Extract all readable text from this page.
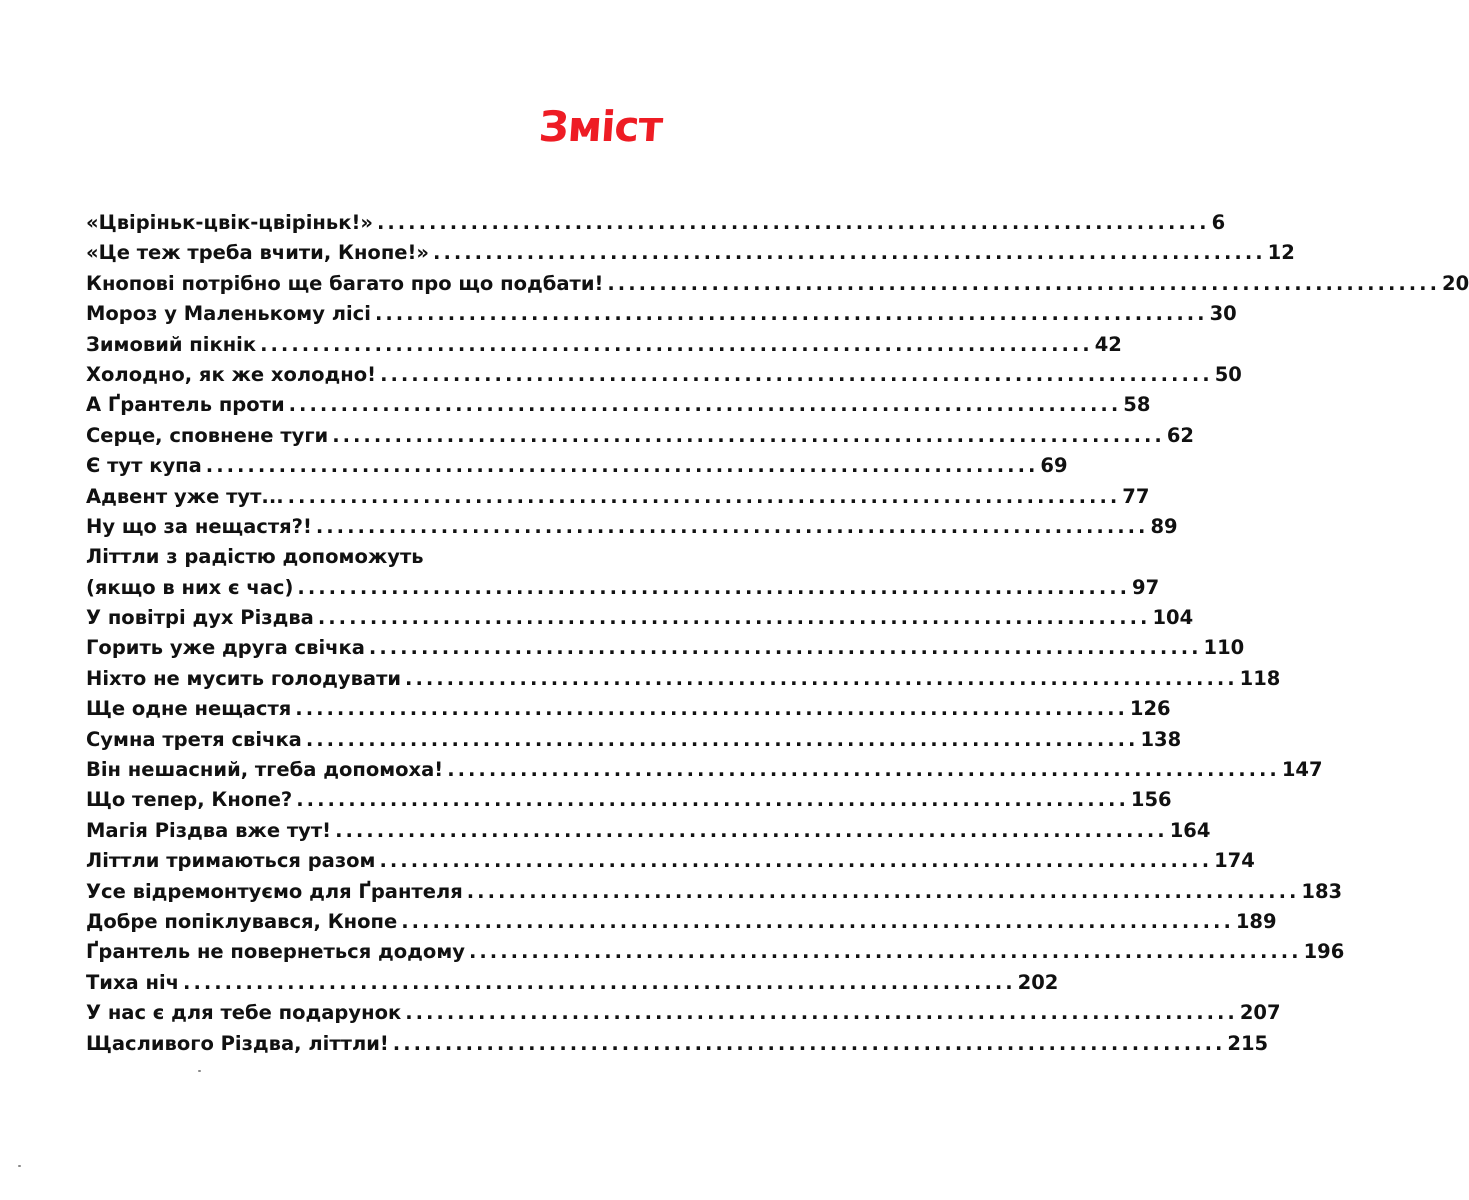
Зміст
«Цвірiньк-цвiк-цвiрiньк!» ................................................................................ 6
«Це теж треба вчити, Кнопе!» ................................................................................ 12
Кнопові потрібно ще багато про що подбати! ................................................................................ 20
Мороз у Маленькому лісі ................................................................................ 30
Зимовий пікнік ................................................................................ 42
Холодно, як же холодно! ................................................................................ 50
А Ґрантель проти ................................................................................ 58
Серце, сповнене туги ................................................................................ 62
Є тут купа ................................................................................ 69
Адвент уже тут... ................................................................................ 77
Ну що за нещастя?! ................................................................................ 89
Літтли з радістю допоможуть
(якщо в них є час) ................................................................................ 97
У повітрі дух Різдва ................................................................................ 104
Горить уже друга свічка ................................................................................ 110
Ніхто не мусить голодувати ................................................................................ 118
Ще одне нещастя ................................................................................ 126
Сумна третя свічка ................................................................................ 138
Він нешасний, тгеба допомоха! ................................................................................ 147
Що тепер, Кнопе? ................................................................................ 156
Магія Різдва вже тут! ................................................................................ 164
Літтли тримаються разом ................................................................................ 174
Усе відремонтуємо для Ґрантеля ................................................................................ 183
Добре попіклувався, Кнопе ................................................................................ 189
Ґрантель не повернеться додому ................................................................................ 196
Тиха ніч ................................................................................ 202
У нас є для тебе подарунок ................................................................................ 207
Щасливого Різдва, літтли! ................................................................................ 215
